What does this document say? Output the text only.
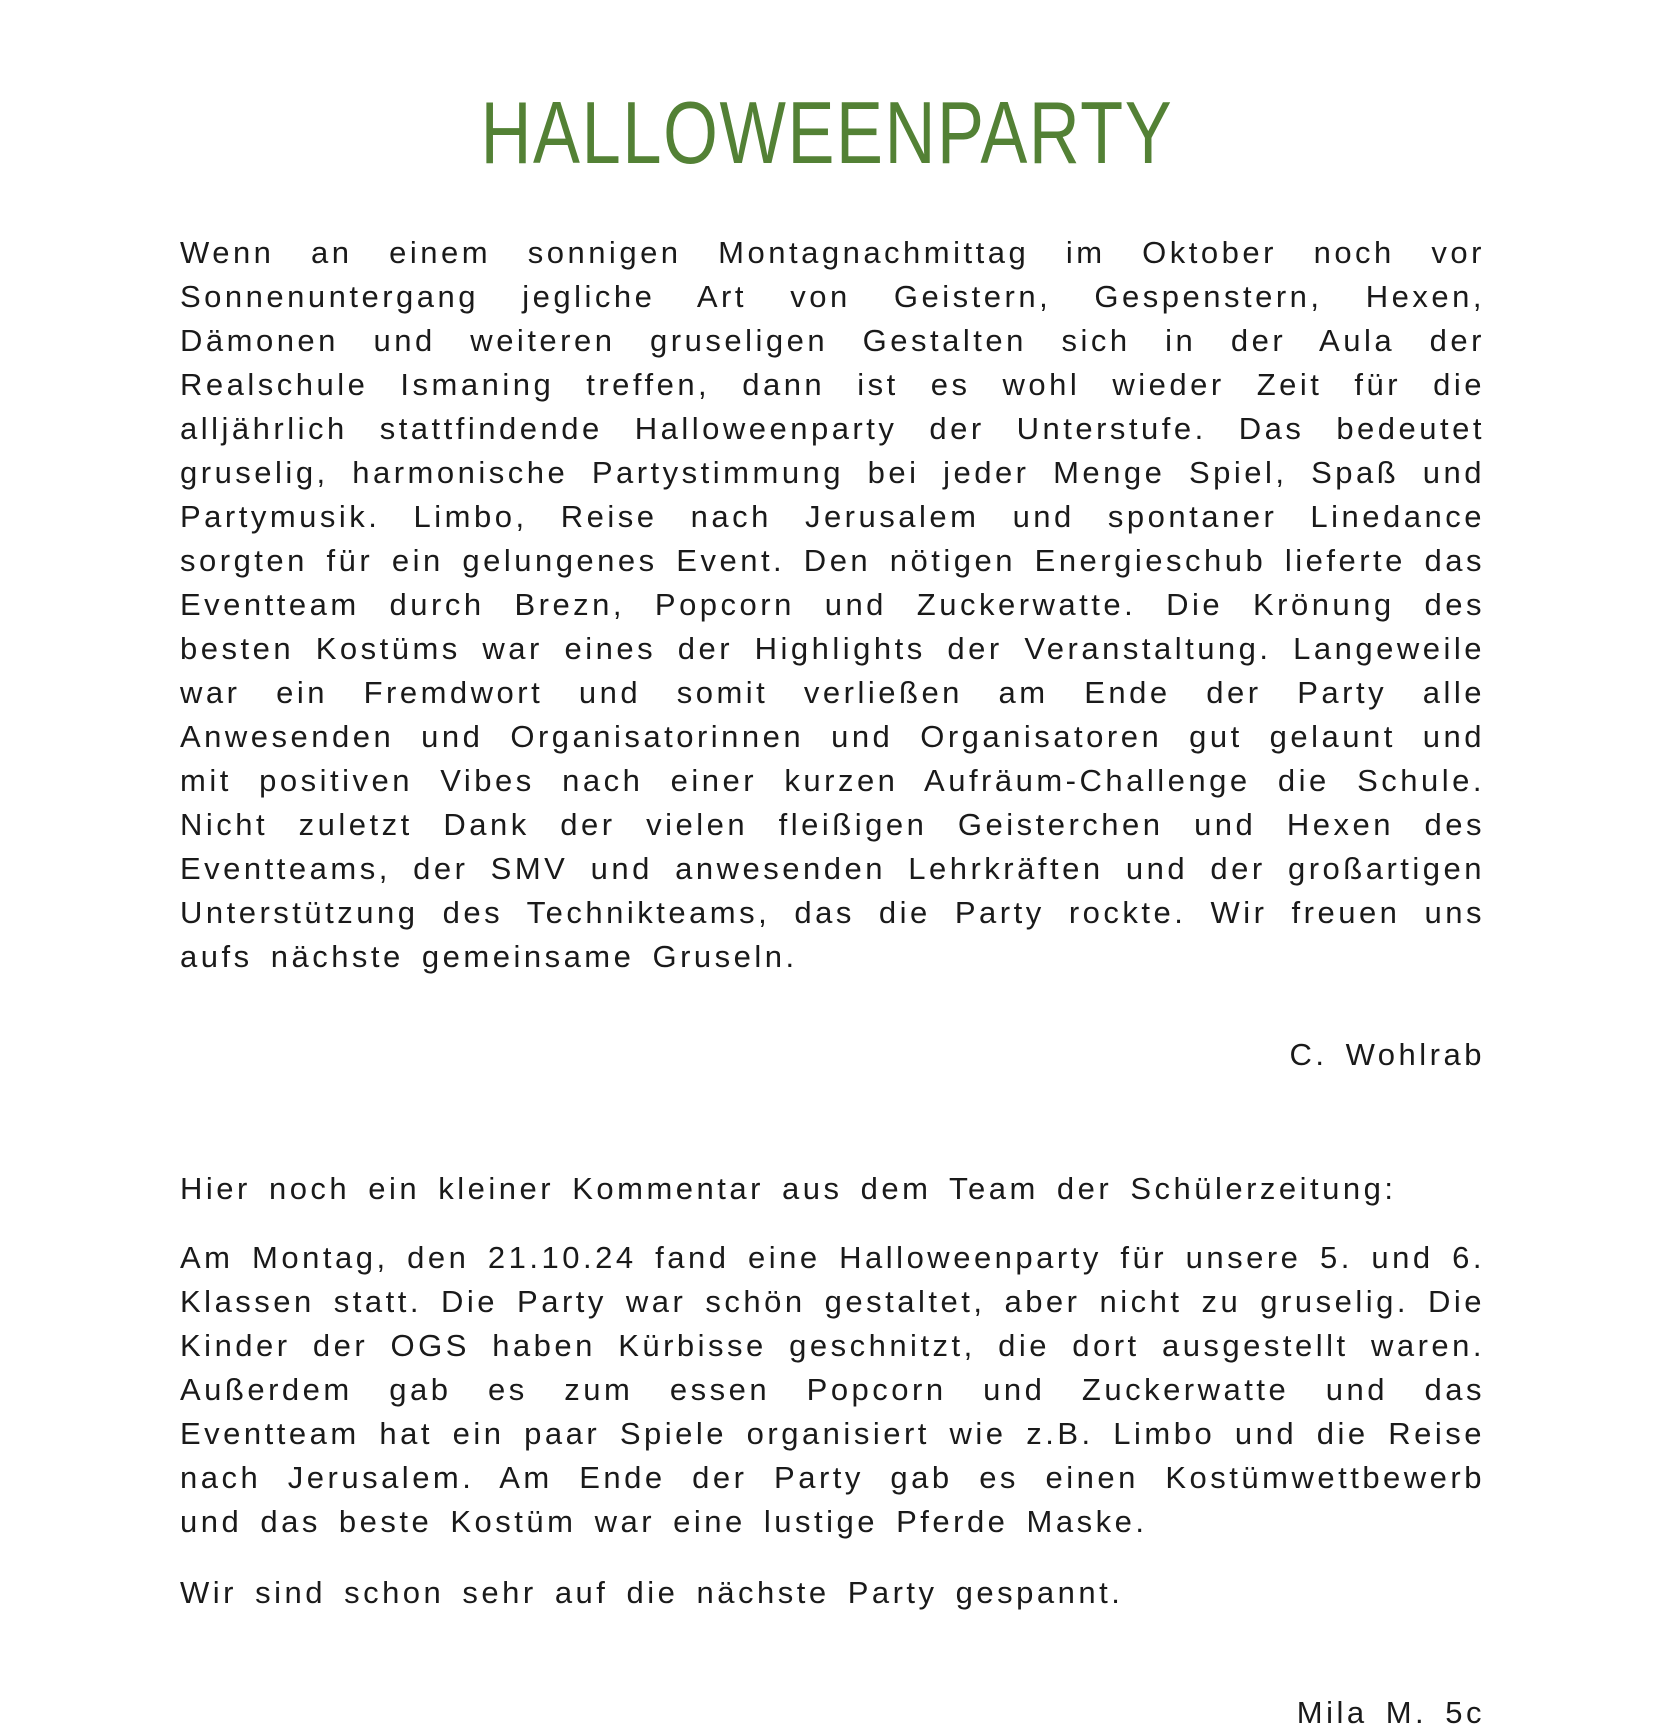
HALLOWEENPARTY

Wenn an einem sonnigen Montagnachmittag im Oktober noch vor Sonnenuntergang jegliche Art von Geistern, Gespenstern, Hexen, Dämonen und weiteren gruseligen Gestalten sich in der Aula der Realschule Ismaning treffen, dann ist es wohl wieder Zeit für die alljährlich stattfindende Halloweenparty der Unterstufe. Das bedeutet gruselig, harmonische Partystimmung bei jeder Menge Spiel, Spaß und Partymusik. Limbo, Reise nach Jerusalem und spontaner Linedance sorgten für ein gelungenes Event. Den nötigen Energieschub lieferte das Eventteam durch Brezn, Popcorn und Zuckerwatte. Die Krönung des besten Kostüms war eines der Highlights der Veranstaltung. Langeweile war ein Fremdwort und somit verließen am Ende der Party alle Anwesenden und Organisatorinnen und Organisatoren gut gelaunt und mit positiven Vibes nach einer kurzen Aufräum-Challenge die Schule. Nicht zuletzt Dank der vielen fleißigen Geisterchen und Hexen des Eventteams, der SMV und anwesenden Lehrkräften und der großartigen Unterstützung des Technikteams, das die Party rockte. Wir freuen uns aufs nächste gemeinsame Gruseln.

C. Wohlrab

Hier noch ein kleiner Kommentar aus dem Team der Schülerzeitung:

Am Montag, den 21.10.24 fand eine Halloweenparty für unsere 5. und 6. Klassen statt. Die Party war schön gestaltet, aber nicht zu gruselig. Die Kinder der OGS haben Kürbisse geschnitzt, die dort ausgestellt waren. Außerdem gab es zum essen Popcorn und Zuckerwatte und das Eventteam hat ein paar Spiele organisiert wie z.B. Limbo und die Reise nach Jerusalem. Am Ende der Party gab es einen Kostümwettbewerb und das beste Kostüm war eine lustige Pferde Maske.

Wir sind schon sehr auf die nächste Party gespannt.

Mila M. 5c
